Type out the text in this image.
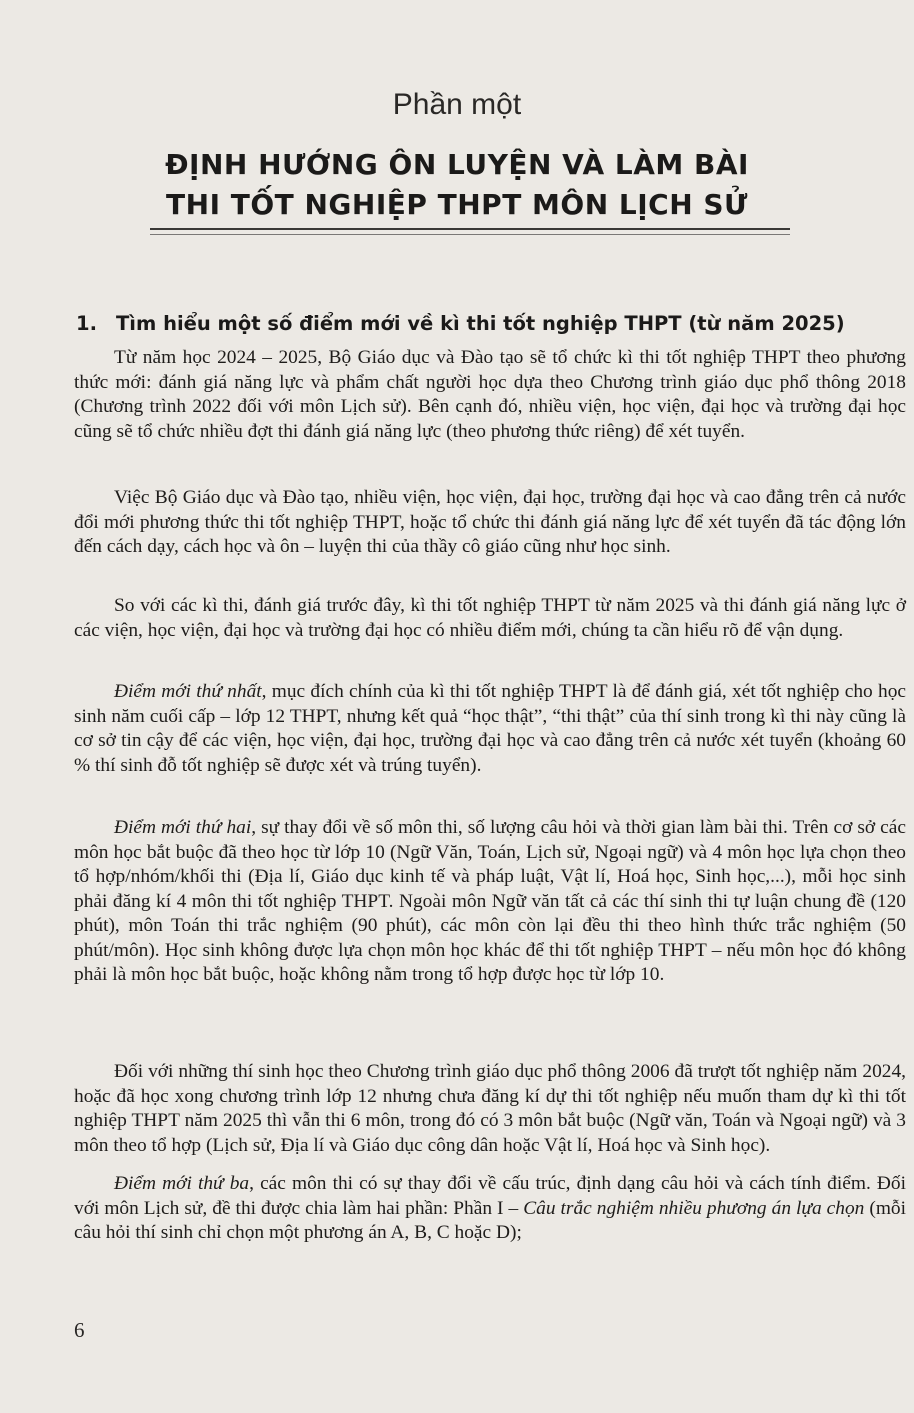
Phần một
ĐỊNH HƯỚNG ÔN LUYỆN VÀ LÀM BÀI
THI TỐT NGHIỆP THPT MÔN LỊCH SỬ
1. Tìm hiểu một số điểm mới về kì thi tốt nghiệp THPT (từ năm 2025)

Từ năm học 2024 – 2025, Bộ Giáo dục và Đào tạo sẽ tổ chức kì thi tốt nghiệp THPT theo phương thức mới: đánh giá năng lực và phẩm chất người học dựa theo Chương trình giáo dục phổ thông 2018 (Chương trình 2022 đối với môn Lịch sử). Bên cạnh đó, nhiều viện, học viện, đại học và trường đại học cũng sẽ tổ chức nhiều đợt thi đánh giá năng lực (theo phương thức riêng) để xét tuyển.

Việc Bộ Giáo dục và Đào tạo, nhiều viện, học viện, đại học, trường đại học và cao đẳng trên cả nước đổi mới phương thức thi tốt nghiệp THPT, hoặc tổ chức thi đánh giá năng lực để xét tuyển đã tác động lớn đến cách dạy, cách học và ôn – luyện thi của thầy cô giáo cũng như học sinh.

So với các kì thi, đánh giá trước đây, kì thi tốt nghiệp THPT từ năm 2025 và thi đánh giá năng lực ở các viện, học viện, đại học và trường đại học có nhiều điểm mới, chúng ta cần hiểu rõ để vận dụng.

Điểm mới thứ nhất, mục đích chính của kì thi tốt nghiệp THPT là để đánh giá, xét tốt nghiệp cho học sinh năm cuối cấp – lớp 12 THPT, nhưng kết quả “học thật”, “thi thật” của thí sinh trong kì thi này cũng là cơ sở tin cậy để các viện, học viện, đại học, trường đại học và cao đẳng trên cả nước xét tuyển (khoảng 60 % thí sinh đỗ tốt nghiệp sẽ được xét và trúng tuyển).

Điểm mới thứ hai, sự thay đổi về số môn thi, số lượng câu hỏi và thời gian làm bài thi. Trên cơ sở các môn học bắt buộc đã theo học từ lớp 10 (Ngữ Văn, Toán, Lịch sử, Ngoại ngữ) và 4 môn học lựa chọn theo tổ hợp/nhóm/khối thi (Địa lí, Giáo dục kinh tế và pháp luật, Vật lí, Hoá học, Sinh học,...), mỗi học sinh phải đăng kí 4 môn thi tốt nghiệp THPT. Ngoài môn Ngữ văn tất cả các thí sinh thi tự luận chung đề (120 phút), môn Toán thi trắc nghiệm (90 phút), các môn còn lại đều thi theo hình thức trắc nghiệm (50 phút/môn). Học sinh không được lựa chọn môn học khác để thi tốt nghiệp THPT – nếu môn học đó không phải là môn học bắt buộc, hoặc không nằm trong tổ hợp được học từ lớp 10.

Đối với những thí sinh học theo Chương trình giáo dục phổ thông 2006 đã trượt tốt nghiệp năm 2024, hoặc đã học xong chương trình lớp 12 nhưng chưa đăng kí dự thi tốt nghiệp nếu muốn tham dự kì thi tốt nghiệp THPT năm 2025 thì vẫn thi 6 môn, trong đó có 3 môn bắt buộc (Ngữ văn, Toán và Ngoại ngữ) và 3 môn theo tổ hợp (Lịch sử, Địa lí và Giáo dục công dân hoặc Vật lí, Hoá học và Sinh học).

Điểm mới thứ ba, các môn thi có sự thay đổi về cấu trúc, định dạng câu hỏi và cách tính điểm. Đối với môn Lịch sử, đề thi được chia làm hai phần: Phần I – Câu trắc nghiệm nhiều phương án lựa chọn (mỗi câu hỏi thí sinh chỉ chọn một phương án A, B, C hoặc D);

6
